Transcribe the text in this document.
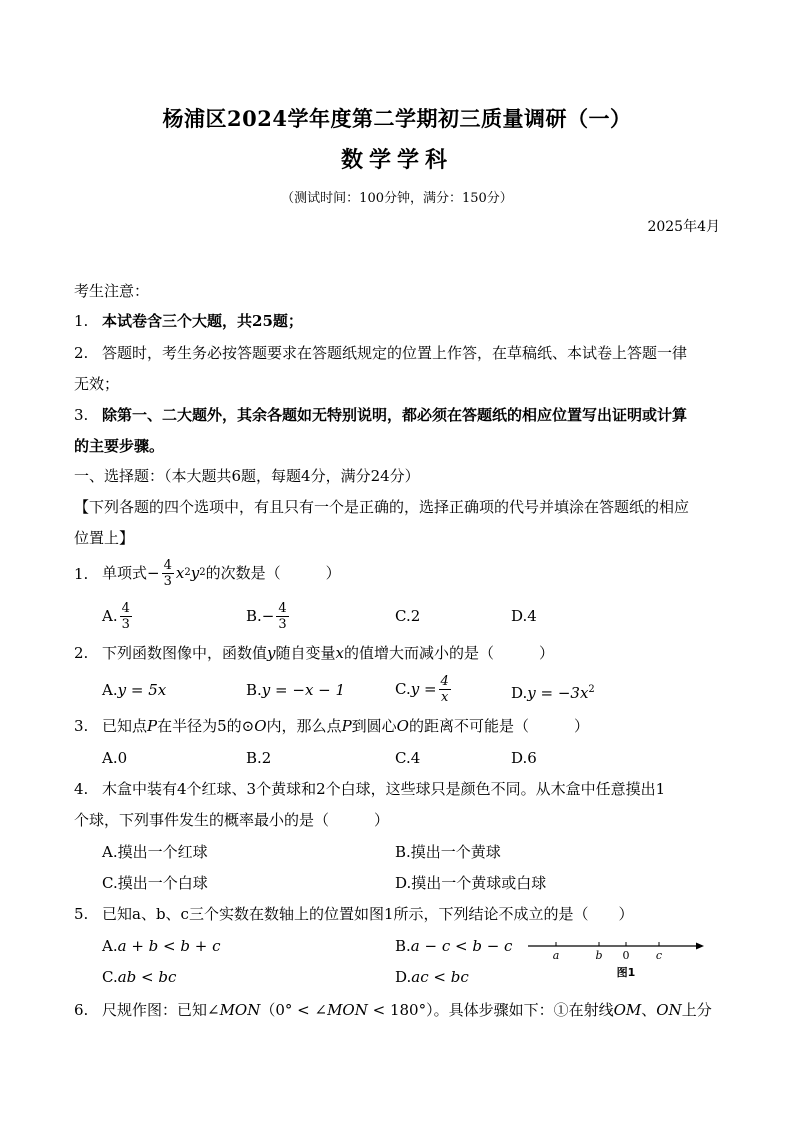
杨浦区2024学年度第二学期初三质量调研（一）
数学学科
（测试时间：100分钟，满分：150分）
2025年4月
考生注意：
1. 本试卷含三个大题，共25题；
2. 答题时，考生务必按答题要求在答题纸规定的位置上作答，在草稿纸、本试卷上答题一律
无效；
3. 除第一、二大题外，其余各题如无特别说明，都必须在答题纸的相应位置写出证明或计算
的主要步骤。
一、选择题：（本大题共6题，每题4分，满分24分）
【下列各题的四个选项中，有且只有一个是正确的，选择正确项的代号并填涂在答题纸的相应
位置上】
1. 单项式 − $\frac{4}{3}$ x 2 y 2 的次数是（　　　）
A. $\frac{4}{3}$	B. − $\frac{4}{3}$	C.2	D.4
2. 下列函数图像中，函数值y随自变量x的值增大而减小的是（　　　）
A.y = 5x	B.y = −x − 1	C. $y = \frac{4}{x}$	$D.y = -3x^2$
3. 已知点P在半径为5的⊙O内，那么点P到圆心O的距离不可能是（　　　）
A.0	B.2	C.4	D.6
4. 木盒中装有4个红球、3个黄球和2个白球，这些球只是颜色不同。从木盒中任意摸出1
个球，下列事件发生的概率最小的是（　　　）
A.摸出一个红球	B.摸出一个黄球
C.摸出一个白球	D.摸出一个黄球或白球
5. 已知a、b、c三个实数在数轴上的位置如图1所示，下列结论不成立的是（　　）
A.a + b < b + c	B.a − c < b − c
C.ab < bc	D.ac < bc
a	b 0 c
图1
6. 尺规作图：已知∠MON（0° < ∠MON < 180°）。具体步骤如下：①在射线OM、ON上分
